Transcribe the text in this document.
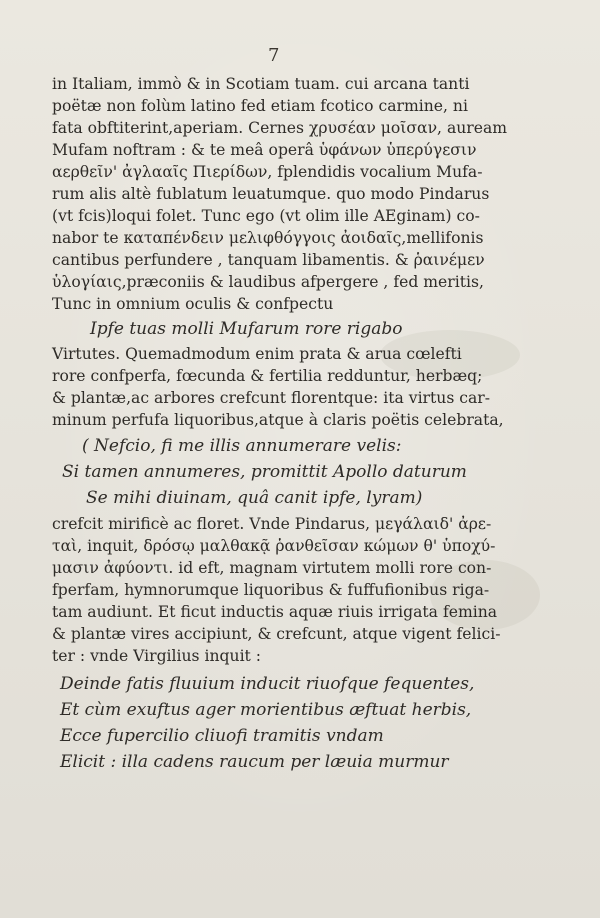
7
in Italiam, immò & in Scotiam tuam. cui arcana tanti
poëtæ non folùm latino fed etiam fcotico carmine, ni
fata obftiterint,aperiam. Cernes χρυσέαν μοῖσαν, auream
Mufam noftram : & te meâ operâ ὑφάνων ὑπερύγεσιν
αερθεῖν' ἀγλααῖς Πιερίδων, fplendidis vocalium Mufa-
rum alis altè fublatum leuatumque. quo modo Pindarus
(vt fcis)loqui folet. Tunc ego (vt olim ille AEginam) co-
nabor te καταπένδειν μελιφθόγγοις ἀοιδαῖς,mellifonis
cantibus perfundere , tanquam libamentis. & ῥαινέμεν
ὑλογίαις,præconiis & laudibus afpergere , fed meritis,
Tunc in omnium oculis & confpectu
Ipfe tuas molli Mufarum rore rigabo
Virtutes. Quemadmodum enim prata & arua cœlefti
rore confperfa, fœcunda & fertilia redduntur, herbæq;
& plantæ,ac arbores crefcunt florentque: ita virtus car-
minum perfufa liquoribus,atque à claris poëtis celebrata,
( Nefcio, fi me illis annumerare velis:
Si tamen annumeres, promittit Apollo daturum
Se mihi diuinam, quâ canit ipfe, lyram)
crefcit mirificè ac floret. Vnde Pindarus, μεγάλαιδ' ἀρε-
ταὶ, inquit, δρόσῳ μαλθακᾷ ῥανθεῖσαν κώμων θ' ὑποχύ-
μασιν ἀφύοντι. id eft, magnam virtutem molli rore con-
fperfam, hymnorumque liquoribus & fuffufionibus riga-
tam audiunt. Et ficut inductis aquæ riuis irrigata femina
& plantæ vires accipiunt, & crefcunt, atque vigent felici-
ter : vnde Virgilius inquit :
Deinde fatis fluuium inducit riuofque fequentes,
Et cùm exuftus ager morientibus æftuat herbis,
Ecce fupercilio cliuofi tramitis vndam
Elicit : illa cadens raucum per læuia murmur
